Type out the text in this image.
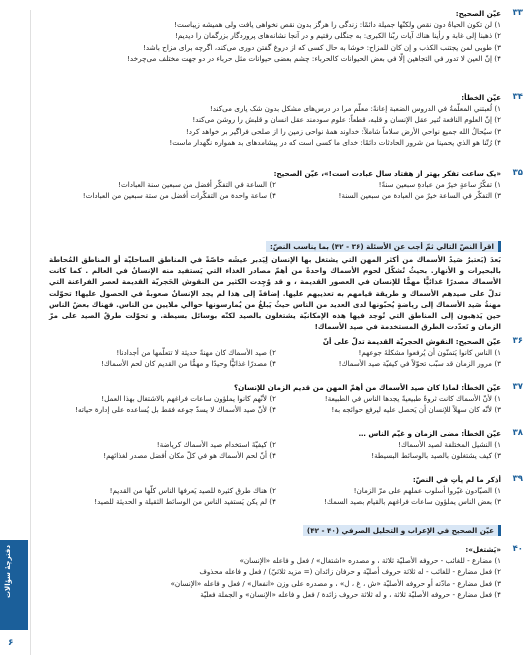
۳۳
عيّن الصحيح:
۱) لن تكون الحياةُ دون نقص ولكنّها جميلة دائمًا: زندگی را هرگز بدون نقص نخواهی یافت ولی همیشه زیباست!
۲) ذهبنا إلى غابة و رأينا هناك آيات ربّنا الكبرى: به جنگلی رفتیم و در آنجا نشانه‌های پروردگار بزرگمان را دیدیم!
۳) طوبى لمن يجتنب الكذب و إن كان للمزاح: خوشا به حال کسی که از دروغ گفتن دوری می‌کند، اگرچه برای مزاح باشد!
۴) إنّ العين لا تدور في التجاهين إلّا في بعض الحيوانات كالحرباء: چشم بعضی حیوانات مثل حرباء در دو جهت مختلف می‌چرخد!
۳۴
عيّن الخطأ:
۱) لُعبتني المعلّمةُ في الدروس الضعبة إعانةً: معلّم مرا در درس‌های مشکل بدون شک یاری می‌کند!
۲) إنّ العلوم النافعة تُنير عقل الإنسان و قلبه، قطعاً: علوم سودمند عقل انسان و قلبش را روشن می‌کند!
۳) سيُحالُ الله جميع نواحي الأرض سلاماً شاملاً: خداوند همهٔ نواحی زمین را از صلحی فراگیر بر خواهد کرد!
۴) رُتّنا هو الذي يحمينا من شرور الحادثات دائمًا: خدای ما کسی است که در پیشامدهای بد همواره نگهدار ماست!
۳۵
«یک ساعت تفکر بهتر از هفتاد سال عبادت است!»، عيّن الصحيح:
۱) تفكّرُ ساعةٍ خيرٌ من عبادةِ سبعين سنةً!
۲) الساعة في التفكّر أفضل من سبعين سنة العبادات!
۳) التفكّر في الساعة خيرٌ من العبادة من سبعين السنة!
۴) ساعة واحدة من التفكّرات أفضل من ستة سبعين من العبادات!
اقرأ النصّ التالي ثمّ أجب عن الأسئلة (۳۶ - ۴۲) بما يناسب النصّ:
بَعدَ (بَعتبرُ صَيدُ الأسماك من أكثر المهن التي يشتغل بها الإنسان لِيَدبر عيشَه خاصّةً في المناطق الساحليّة أو المناطق المُحاطة بالبحيرات و الأنهار. بحيثُ تُشكّل لحوم الأسماك واحدةً من أهمّ مصادر الغذاء التي يَستفيد منه الإنسانُ في العالم . كما كانت الأسماك مصدرًا غذائيًّا مهمًّا للإنسان في العصور القديمة ، و قد وُجِدت الكثير من النقوش الحَجريّة القديمة لعصر الفراعنة التي تدلّ على صيدهم الأسماك و طريقة قيامهم به تعذيبهم عليها. إضافةً إلى هذا لم يجد الإنسانُ صعوبةً في الحصول عليها! تحوّلت مهنةُ صَيد الأسماك إلى رياضةٍ يُحبّونها لدى العديد من الناس حيثُ يَبلغُ من يُمارسونها حوالي ملايين من الناس. فهناك بعضُ الناس حين يَذهبون إلى المناطق التي تُوجد فيها هذه الإمكانيّة يشتغلون بالصيد لكنّه بوسائل بسيطة. و تحوّلت طرقُ الصيد على مرّ الزمان و تَعدّدت الطرق المستخدمة في صيد الأسماك!
۳۶
عيّن الصحيح: النقوش الحجريّة القديمة تدلّ على أنّ
۱) الناس كانوا يَتمنّون أن يُرفعوا مشكلةَ جوعهم!
۲) صيد الأسماك كان مهنةً حديثة لا تتعلّمها من أجدادنا!
۳) مرور الزمان قد سبّب تحوّلاً في كيفيّة صيد الأسماك!
۴) مصدرًا غذائيًّا وحيدًا و مهمًّا من القديم كان لحم الأسماك!
۳۷
عيّن الخطأ: لماذا كان صيد الأسماك من أهمّ المهن من قديم الزمان للإنسان؟
۱) لأنّ الأسماك كانت ثروةً طبيعيةً يجدها الناس في الطبيعة!
۲) لأنّهم كانوا يملؤون ساعات فراغهم بالاشتغال بهذا العمل!
۳) لأنّه كان سهلاً للإنسان أن يَحصل عليه ليرفع حوائجه به!
۴) لأنّ صيد الأسماك لا يسدّ جوعه فقط بل يُساعده على إدارة حياته!
۳۸
عيّن الخطأ: مضى الزمان و غيّم الناس …
۱) النشيل المختلفة لصيد الأسماك!
۲) كيفيّةَ استخدام صيد الأسماك كرياضة!
۳) كيف يشتغلون بالصيد بالوسائط البسيطة!
۴) أنّ لحم الأسماك هو في كلّ مكان أفضل مصدر لغذائهم!
۳۹
أذكر ما لم يأتِ في النصّ:
۱) الصيّادون غيّروا أسلوب عملهم على مرّ الزمان!
۲) هناك طرق كثيرة للصيد يَعرفها الناس كلّها من القديم!
۳) بعض الناس يملؤون ساعات فراغهم بالقيام بصيد السمك!
۴) لم يكن يَستفيد الناس من الوسائط الثقيلة و الحديثة للصيد!
عيّن الصحيح في الإعراب و التحليل الصرفي (۴۰ - ۴۲)
۴۰
«يَشتغل»:
۱) مضارع - للغائب - حروفه الأصليّة ثلاثة ، و مصدره «اشتغال» / فعل و فاعله «الإنسان»
۲) فعل مضارع - للغائب - له ثلاثة حروف أصليّة و حرفان زائدان (= مزيد ثلاثيّ) / فعل و فاعله محذوف
۳) فعل مضارع - مادّته أو حروفه الأصليّة «ش ، غ ، ل» ، و مصدره على وزن «انفعال» / فعل و فاعله «الإنسان»
۴) فعل مضارع - حروفه الأصليّة ثلاثة ، و له ثلاثة حروف زائدة / فعل و فاعله «الإنسان» و الجملة فعليّة
دفترچهٔ سؤالات
۶
